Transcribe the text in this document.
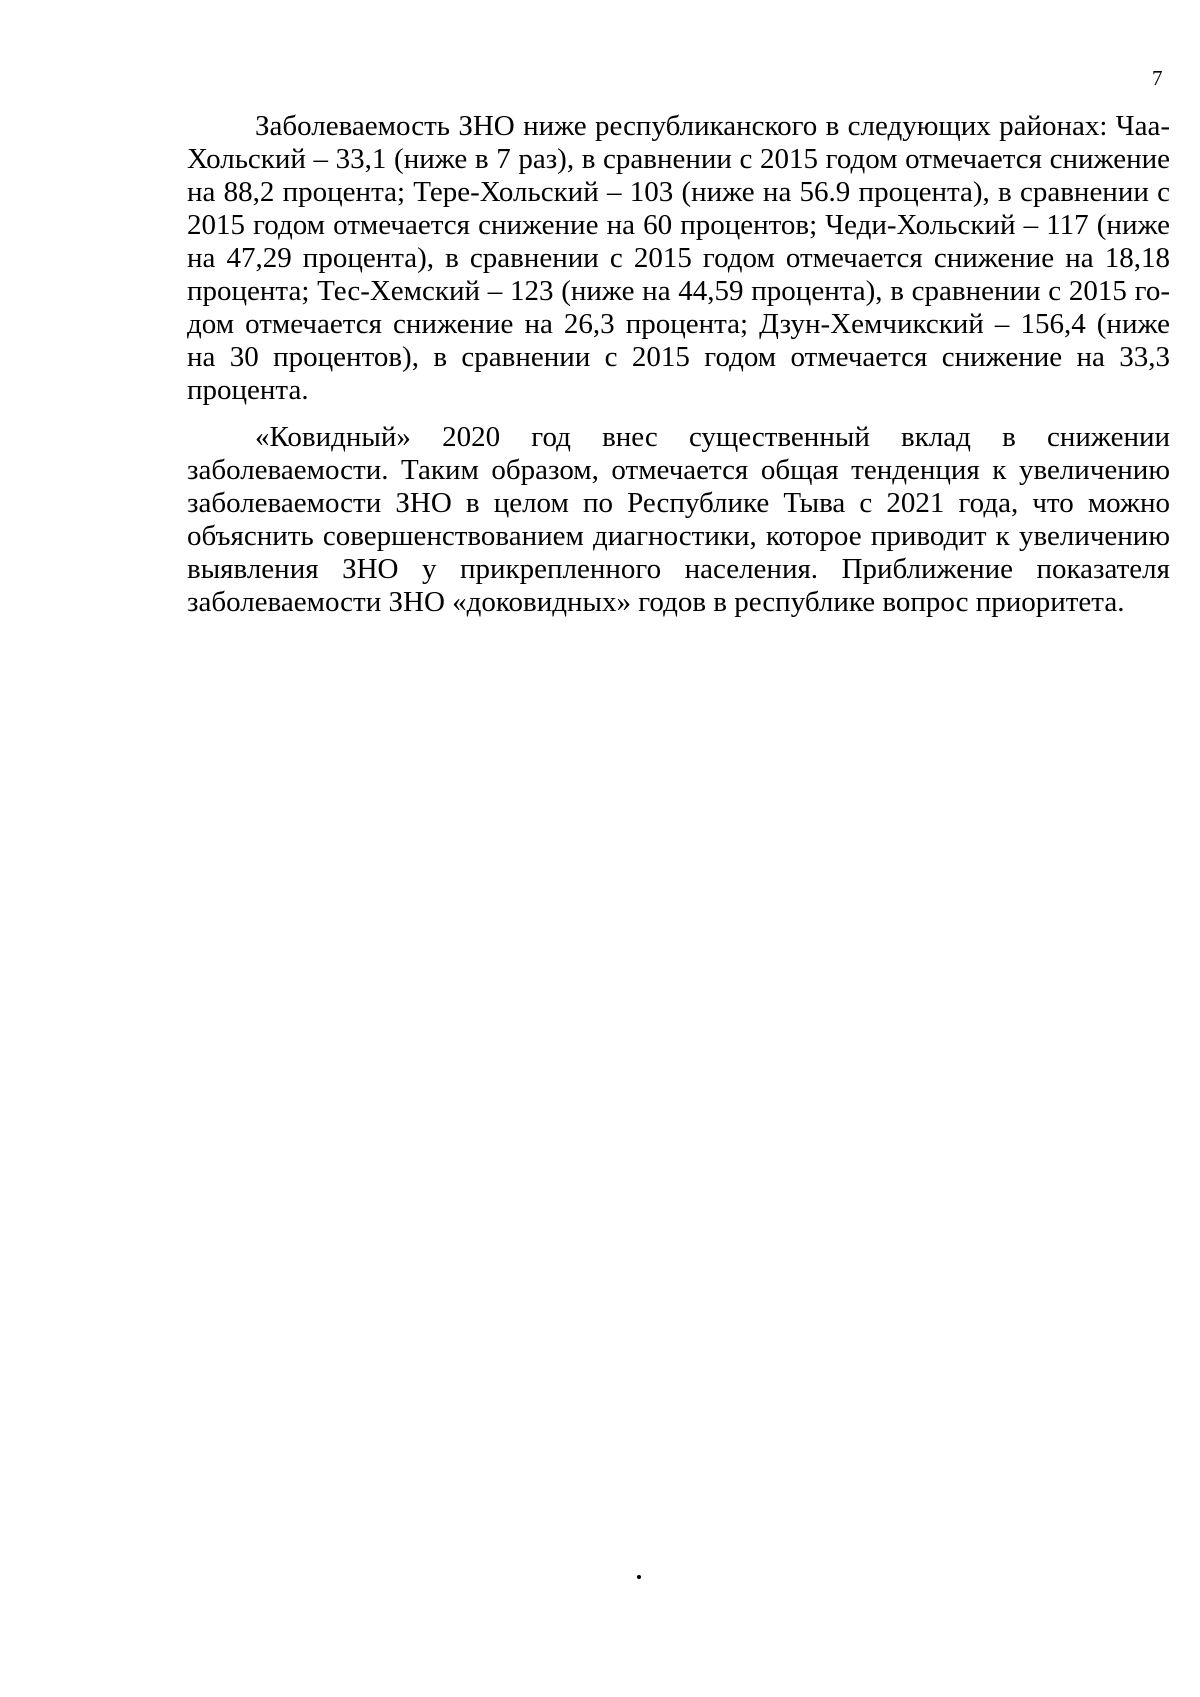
7

Заболеваемость ЗНО ниже республиканского в следующих районах: Чаа-Хольский – 33,1 (ниже в 7 раз), в сравнении с 2015 годом отмечается снижение на 88,2 процента; Тере-Хольский – 103 (ниже на 56.9 процента), в сравнении с 2015 годом отмечается снижение на 60 процентов; Чеди-Хольский – 117 (ниже на 47,29 процента), в сравнении с 2015 годом отмечается снижение на 18,18 процента; Тес-Хемский – 123 (ниже на 44,59 процента), в сравнении с 2015 годом отмечается снижение на 26,3 процента; Дзун-Хемчикский – 156,4 (ниже на 30 процентов), в сравнении с 2015 годом отмечается снижение на 33,3 процента.

«Ковидный» 2020 год внес существенный вклад в снижении заболеваемости. Таким образом, отмечается общая тенденция к увеличению заболеваемости ЗНО в целом по Республике Тыва с 2021 года, что можно объяснить совершенствованием диагностики, которое приводит к увеличению выявления ЗНО у прикрепленного населения. Приближение показателя заболеваемости ЗНО «доковидных» годов в республике вопрос приоритета.
